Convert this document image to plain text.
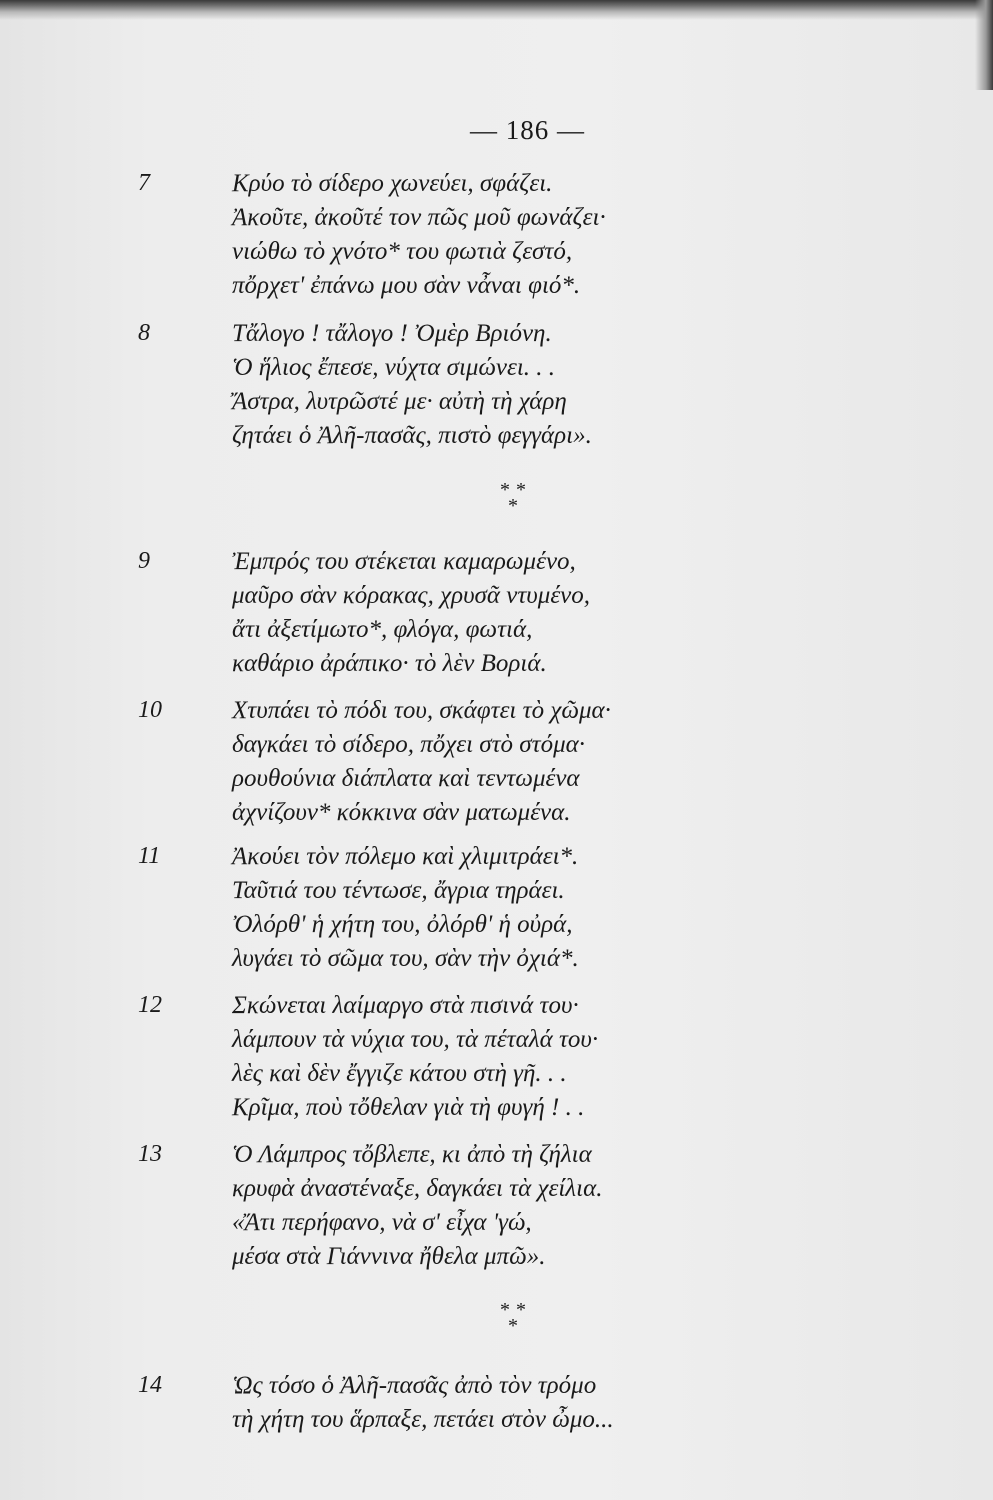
— 186 —
7	Κρύο τὸ σίδερο χωνεύει, σφάζει.
Ἀκοῦτε, ἀκοῦτέ τον πῶς μοῦ φωνάζει·
νιώθω τὸ χνότο* του φωτιὰ ζεστό,
πὄρχετ' ἐπάνω μου σὰν νἆναι φιό*.
8	Τἄλογο ! τἄλογο ! Ὀμὲρ Βριόνη.
Ὁ ἥλιος ἔπεσε, νύχτα σιμώνει. . .
Ἄστρα, λυτρῶστέ με· αὐτὴ τὴ χάρη
ζητάει ὁ Ἀλῆ-πασᾶς, πιστὸ φεγγάρι».
* *
*
9	Ἐμπρός του στέκεται καμαρωμένο,
μαῦρο σὰν κόρακας, χρυσᾶ ντυμένο,
ἄτι ἀξετίμωτο*, φλόγα, φωτιά,
καθάριο ἀράπικο· τὸ λὲν Βοριά.
10	Χτυπάει τὸ πόδι του, σκάφτει τὸ χῶμα·
δαγκάει τὸ σίδερο, πὄχει στὸ στόμα·
ρουθούνια διάπλατα καὶ τεντωμένα
ἀχνίζουν* κόκκινα σὰν ματωμένα.
11	Ἀκούει τὸν πόλεμο καὶ χλιμιτράει*.
Ταῦτιά του τέντωσε, ἄγρια τηράει.
Ὀλόρθ' ἡ χήτη του, ὀλόρθ' ἡ οὐρά,
λυγάει τὸ σῶμα του, σὰν τὴν ὀχιά*.
12	Σκώνεται λαίμαργο στὰ πισινά του·
λάμπουν τὰ νύχια του, τὰ πέταλά του·
λὲς καὶ δὲν ἔγγιζε κάτου στὴ γῆ. . .
Κρῖμα, ποὺ τὄθελαν γιὰ τὴ φυγή ! . .
13	Ὁ Λάμπρος τὄβλεπε, κι ἀπὸ τὴ ζήλια
κρυφὰ ἀναστέναξε, δαγκάει τὰ χείλια.
«Ἄτι περήφανο, νὰ σ' εἶχα 'γώ,
μέσα στὰ Γιάννινα ἤθελα μπῶ».
* *
*
14	Ὡς τόσο ὁ Ἀλῆ-πασᾶς ἀπὸ τὸν τρόμο
τὴ χήτη του ἅρπαξε, πετάει στὸν ὦμο...
